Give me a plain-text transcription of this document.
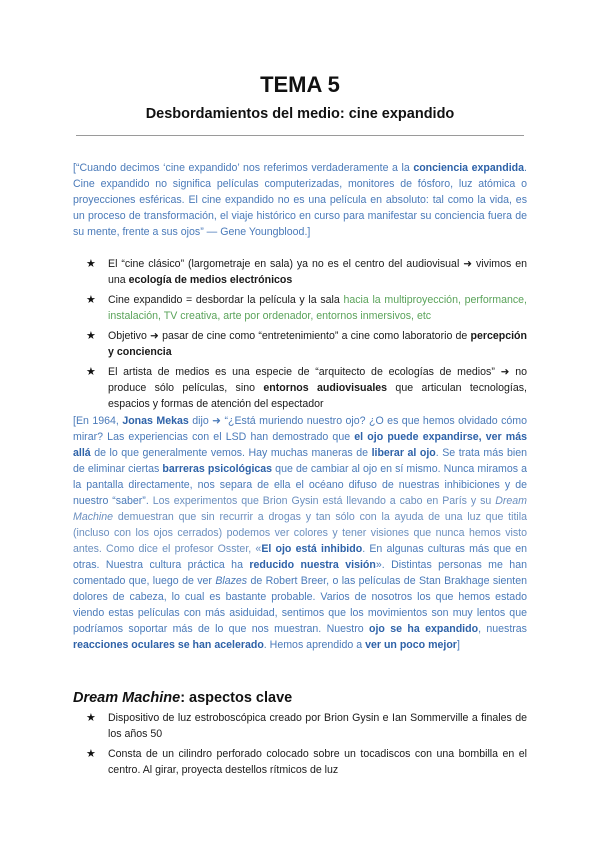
TEMA 5
Desbordamientos del medio: cine expandido
[“Cuando decimos ‘cine expandido’ nos referimos verdaderamente a la conciencia expandida. Cine expandido no significa películas computerizadas, monitores de fósforo, luz atómica o proyecciones esféricas. El cine expandido no es una película en absoluto: tal como la vida, es un proceso de transformación, el viaje histórico en curso para manifestar su conciencia fuera de su mente, frente a sus ojos” — Gene Youngblood.]
★ El “cine clásico” (largometraje en sala) ya no es el centro del audiovisual ➜ vivimos en una ecología de medios electrónicos
★ Cine expandido = desbordar la película y la sala hacia la multiproyección, performance, instalación, TV creativa, arte por ordenador, entornos inmersivos, etc
★ Objetivo ➜ pasar de cine como “entretenimiento” a cine como laboratorio de percepción y conciencia
★ El artista de medios es una especie de “arquitecto de ecologías de medios” ➜ no produce sólo películas, sino entornos audiovisuales que articulan tecnologías, espacios y formas de atención del espectador
[En 1964, Jonas Mekas dijo ➜ “¿Está muriendo nuestro ojo? ¿O es que hemos olvidado cómo mirar? Las experiencias con el LSD han demostrado que el ojo puede expandirse, ver más allá de lo que generalmente vemos. Hay muchas maneras de liberar al ojo. Se trata más bien de eliminar ciertas barreras psicológicas que de cambiar al ojo en sí mismo. Nunca miramos a la pantalla directamente, nos separa de ella el océano difuso de nuestras inhibiciones y de nuestro “saber”. Los experimentos que Brion Gysin está llevando a cabo en París y su Dream Machine demuestran que sin recurrir a drogas y tan sólo con la ayuda de una luz que titila (incluso con los ojos cerrados) podemos ver colores y tener visiones que nunca hemos visto antes. Como dice el profesor Osster, «El ojo está inhibido. En algunas culturas más que en otras. Nuestra cultura práctica ha reducido nuestra visión». Distintas personas me han comentado que, luego de ver Blazes de Robert Breer, o las películas de Stan Brakhage sienten dolores de cabeza, lo cual es bastante probable. Varios de nosotros los que hemos estado viendo estas películas con más asiduidad, sentimos que los movimientos son muy lentos que podríamos soportar más de lo que nos muestran. Nuestro ojo se ha expandido, nuestras reacciones oculares se han acelerado. Hemos aprendido a ver un poco mejor]
Dream Machine: aspectos clave
★ Dispositivo de luz estroboscópica creado por Brion Gysin e Ian Sommerville a finales de los años 50
★ Consta de un cilindro perforado colocado sobre un tocadiscos con una bombilla en el centro. Al girar, proyecta destellos rítmicos de luz
